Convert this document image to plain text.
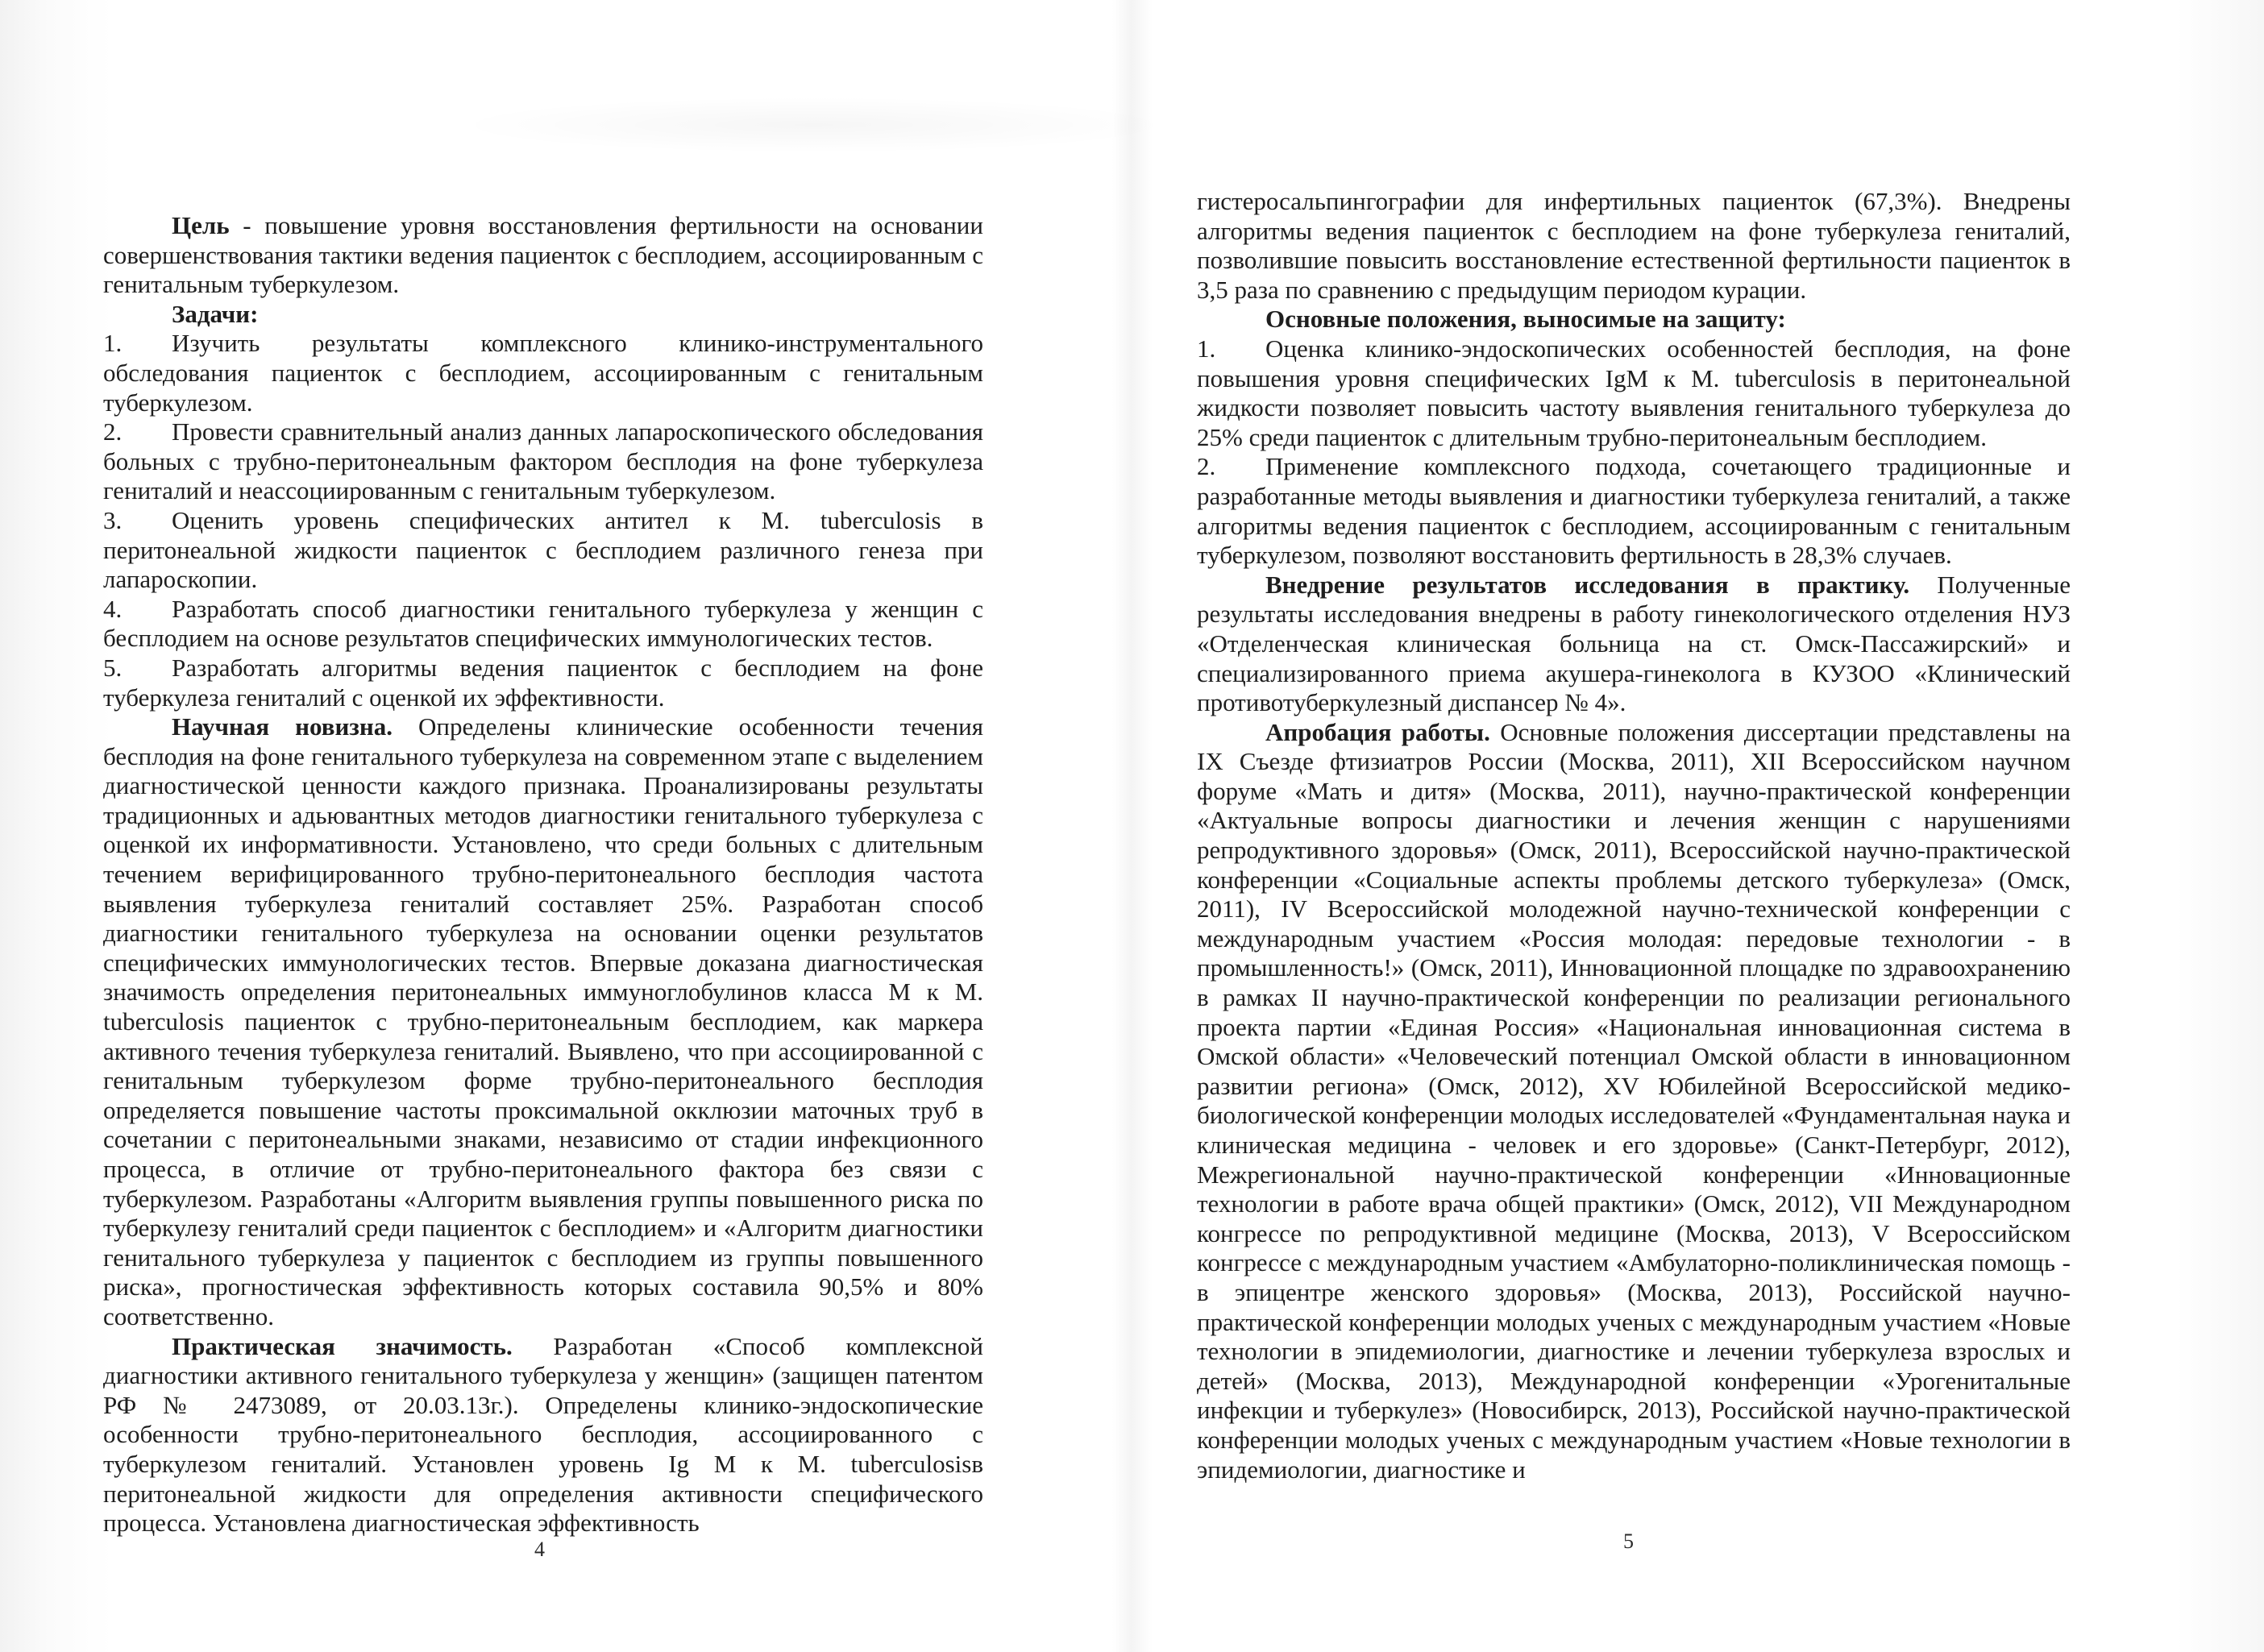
Цель - повышение уровня восстановления фертильности на основании совершенствования тактики ведения пациенток с бесплодием, ассоциированным с генитальным туберкулезом.

Задачи:

1.	Изучить результаты комплексного клинико-инструментального обследования пациенток с бесплодием, ассоциированным с генитальным туберкулезом.

2.	Провести сравнительный анализ данных лапароскопического обследования больных с трубно-перитонеальным фактором бесплодия на фоне туберкулеза гениталий и неассоциированным с генитальным туберкулезом.

3.	Оценить уровень специфических антител к М. tuberculosis в перитонеальной жидкости пациенток с бесплодием различного генеза при лапароскопии.

4.	Разработать способ диагностики генитального туберкулеза у женщин с бесплодием на основе результатов специфических иммунологических тестов.

5.	Разработать алгоритмы ведения пациенток с бесплодием на фоне туберкулеза гениталий с оценкой их эффективности.

Научная новизна. Определены клинические особенности течения бесплодия на фоне генитального туберкулеза на современном этапе с выделением диагностической ценности каждого признака. Проанализированы результаты традиционных и адьювантных методов диагностики генитального туберкулеза с оценкой их информативности. Установлено, что среди больных с длительным течением верифицированного трубно-перитонеального бесплодия частота выявления туберкулеза гениталий составляет 25%. Разработан способ диагностики генитального туберкулеза на основании оценки результатов специфических иммунологических тестов. Впервые доказана диагностическая значимость определения перитонеальных иммуноглобулинов класса М к М. tuberculosis пациенток с трубно-перитонеальным бесплодием, как маркера активного течения туберкулеза гениталий. Выявлено, что при ассоциированной с генитальным туберкулезом форме трубно-перитонеального бесплодия определяется повышение частоты проксимальной окклюзии маточных труб в сочетании с перитонеальными знаками, независимо от стадии инфекционного процесса, в отличие от трубно-перитонеального фактора без связи с туберкулезом. Разработаны «Алгоритм выявления группы повышенного риска по туберкулезу гениталий среди пациенток с бесплодием» и «Алгоритм диагностики генитального туберкулеза у пациенток с бесплодием из группы повышенного риска», прогностическая эффективность которых составила 90,5% и 80% соответственно.

Практическая значимость. Разработан «Способ комплексной диагностики активного генитального туберкулеза у женщин» (защищен патентом РФ № 2473089, от 20.03.13г.). Определены клинико-эндоскопические особенности трубно-перитонеального бесплодия, ассоциированного с туберкулезом гениталий. Установлен уровень Ig M к М. tuberculosisв перитонеальной жидкости для определения активности специфического процесса. Установлена диагностическая эффективность

4

гистеросальпингографии для инфертильных пациенток (67,3%). Внедрены алгоритмы ведения пациенток с бесплодием на фоне туберкулеза гениталий, позволившие повысить восстановление естественной фертильности пациенток в 3,5 раза по сравнению с предыдущим периодом курации.

Основные положения, выносимые на защиту:

1.	Оценка клинико-эндоскопических особенностей бесплодия, на фоне повышения уровня специфических IgM к М. tuberculosis в перитонеальной жидкости позволяет повысить частоту выявления генитального туберкулеза до 25% среди пациенток с длительным трубно-перитонеальным бесплодием.

2.	Применение комплексного подхода, сочетающего традиционные и разработанные методы выявления и диагностики туберкулеза гениталий, а также алгоритмы ведения пациенток с бесплодием, ассоциированным с генитальным туберкулезом, позволяют восстановить фертильность в 28,3% случаев.

Внедрение результатов исследования в практику. Полученные результаты исследования внедрены в работу гинекологического отделения НУЗ «Отделенческая клиническая больница на ст. Омск-Пассажирский» и специализированного приема акушера-гинеколога в КУЗОО «Клинический противотуберкулезный диспансер № 4».

Апробация работы. Основные положения диссертации представлены на IX Съезде фтизиатров России (Москва, 2011), XII Всероссийском научном форуме «Мать и дитя» (Москва, 2011), научно-практической конференции «Актуальные вопросы диагностики и лечения женщин с нарушениями репродуктивного здоровья» (Омск, 2011), Всероссийской научно-практической конференции «Социальные аспекты проблемы детского туберкулеза» (Омск, 2011), IV Всероссийской молодежной научно-технической конференции с международным участием «Россия молодая: передовые технологии - в промышленность!» (Омск, 2011), Инновационной площадке по здравоохранению в рамках II научно-практической конференции по реализации регионального проекта партии «Единая Россия» «Национальная инновационная система в Омской области» «Человеческий потенциал Омской области в инновационном развитии региона» (Омск, 2012), XV Юбилейной Всероссийской медико-биологической конференции молодых исследователей «Фундаментальная наука и клиническая медицина - человек и его здоровье» (Санкт-Петербург, 2012), Межрегиональной научно-практической конференции «Инновационные технологии в работе врача общей практики» (Омск, 2012), VII Международном конгрессе по репродуктивной медицине (Москва, 2013), V Всероссийском конгрессе с международным участием «Амбулаторно-поликлиническая помощь - в эпицентре женского здоровья» (Москва, 2013), Российской научно-практической конференции молодых ученых с международным участием «Новые технологии в эпидемиологии, диагностике и лечении туберкулеза взрослых и детей» (Москва, 2013), Международной конференции «Урогенитальные инфекции и туберкулез» (Новосибирск, 2013), Российской научно-практической конференции молодых ученых с международным участием «Новые технологии в эпидемиологии, диагностике и

5
